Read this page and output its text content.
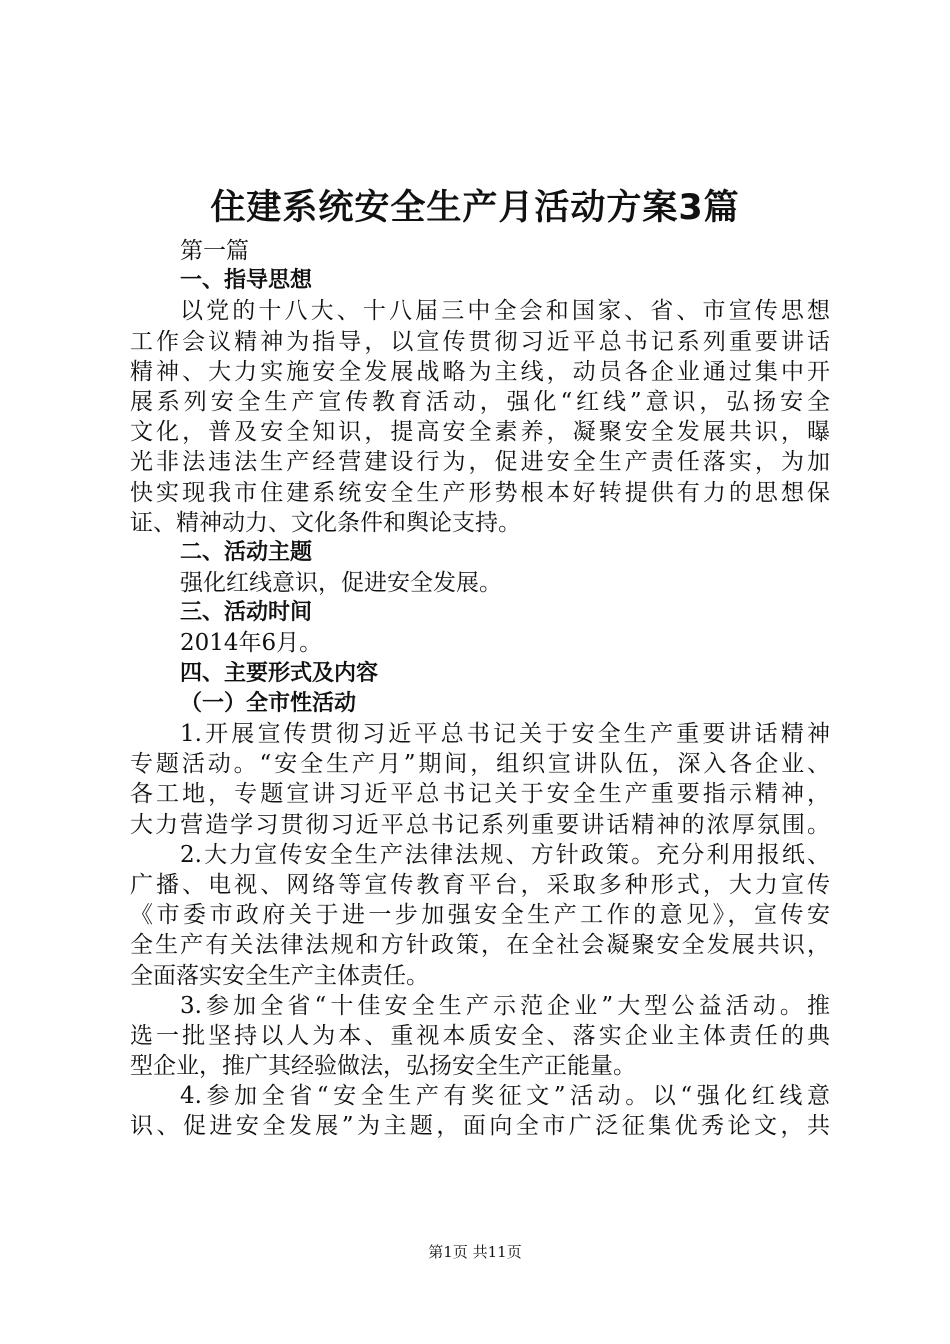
住建系统安全生产月活动方案3篇
第一篇
一、指导思想
以党的十八大、十八届三中全会和国家、省、市宣传思想
工作会议精神为指导，以宣传贯彻习近平总书记系列重要讲话
精神、大力实施安全发展战略为主线，动员各企业通过集中开
展系列安全生产宣传教育活动，强化“红线”意识，弘扬安全
文化，普及安全知识，提高安全素养，凝聚安全发展共识，曝
光非法违法生产经营建设行为，促进安全生产责任落实，为加
快实现我市住建系统安全生产形势根本好转提供有力的思想保
证、精神动力、文化条件和舆论支持。
二、活动主题
强化红线意识，促进安全发展。
三、活动时间
2014年6月。
四、主要形式及内容
（一）全市性活动
1.开展宣传贯彻习近平总书记关于安全生产重要讲话精神
专题活动。“安全生产月”期间，组织宣讲队伍，深入各企业、
各工地，专题宣讲习近平总书记关于安全生产重要指示精神，
大力营造学习贯彻习近平总书记系列重要讲话精神的浓厚氛围。
2.大力宣传安全生产法律法规、方针政策。充分利用报纸、
广播、电视、网络等宣传教育平台，采取多种形式，大力宣传
《市委市政府关于进一步加强安全生产工作的意见》，宣传安
全生产有关法律法规和方针政策，在全社会凝聚安全发展共识，
全面落实安全生产主体责任。
3.参加全省“十佳安全生产示范企业”大型公益活动。推
选一批坚持以人为本、重视本质安全、落实企业主体责任的典
型企业，推广其经验做法，弘扬安全生产正能量。
4.参加全省“安全生产有奖征文”活动。以“强化红线意
识、促进安全发展”为主题，面向全市广泛征集优秀论文，共
第1页 共11页
